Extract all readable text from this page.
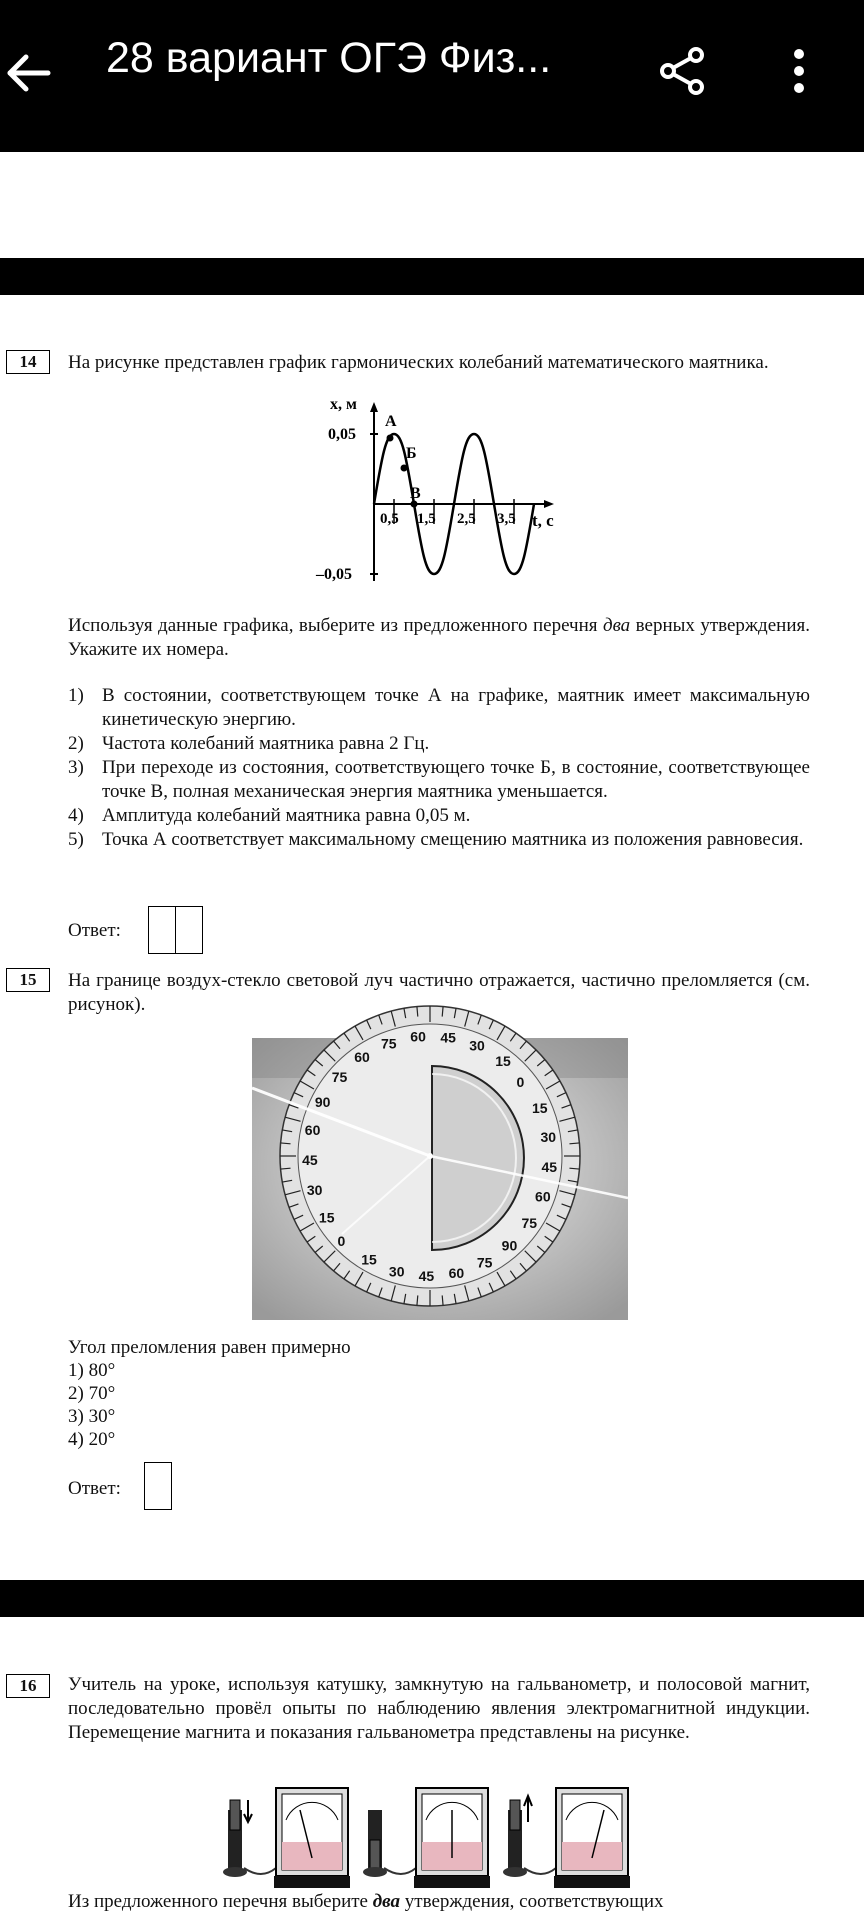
28 вариант ОГЭ Физ...
14	На рисунке представлен график гармонических колебаний математического маятника.
x, м
0,05
–0,05
А
Б
В
0,5 1,5 2,5 3,5 t, с
Используя данные графика, выберите из предложенного перечня два верных утверждения. Укажите их номера.
1) В состоянии, соответствующем точке А на графике, маятник имеет максимальную кинетическую энергию.
2) Частота колебаний маятника равна 2 Гц.
3) При переходе из состояния, соответствующего точке Б, в состояние, соответствующее точке В, полная механическая энергия маятника уменьшается.
4) Амплитуда колебаний маятника равна 0,05 м.
5) Точка А соответствует максимальному смещению маятника из положения равновесия.
Ответ:
15	На границе воздух-стекло световой луч частично отражается, частично преломляется (см. рисунок).
75 60 45
30
15
0
15
30
45
60
75
90
75
60
45
30
15
0
15
30
45
60
90
75
60
Угол преломления равен примерно
1) 80°
2) 70°
3) 30°
4) 20°
Ответ:
16	Учитель на уроке, используя катушку, замкнутую на гальванометр, и полосовой магнит, последовательно провёл опыты по наблюдению явления электромагнитной индукции. Перемещение магнита и показания гальванометра представлены на рисунке.
Из предложенного перечня выберите два утверждения, соответствующих
